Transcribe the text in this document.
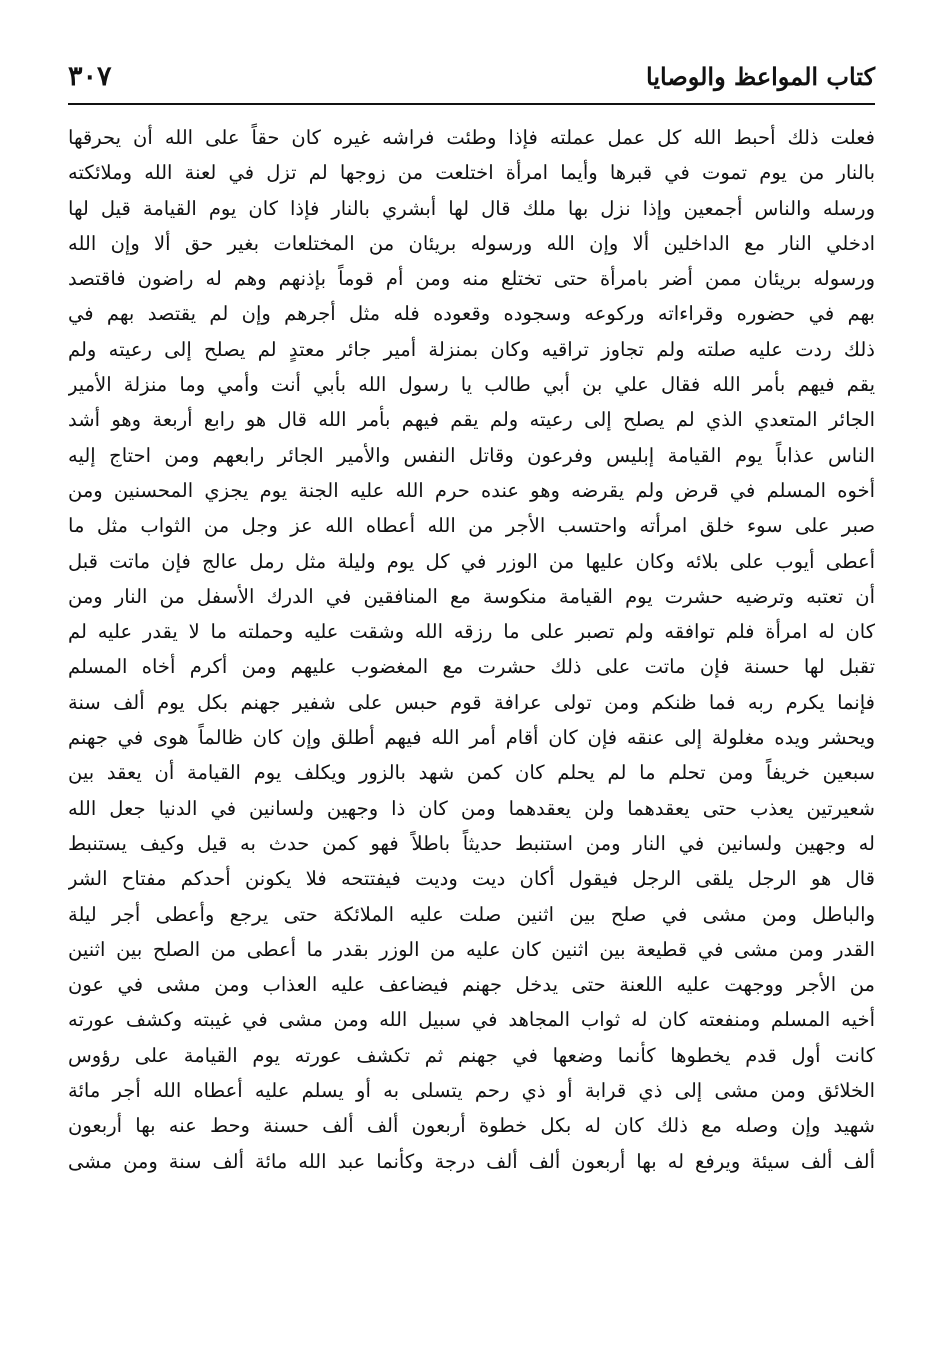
كتاب المواعظ والوصايا
٣٠٧
فعلت ذلك أحبط الله كل عمل عملته فإذا وطئت فراشه غيره كان حقاً على الله أن يحرقها
بالنار من يوم تموت في قبرها وأيما امرأة اختلعت من زوجها لم تزل في لعنة الله وملائكته
ورسله والناس أجمعين وإذا نزل بها ملك قال لها أبشري بالنار فإذا كان يوم القيامة قيل لها
ادخلي النار مع الداخلين ألا وإن الله ورسوله بريئان من المختلعات بغير حق ألا وإن الله
ورسوله بريئان ممن أضر بامرأة حتى تختلع منه ومن أم قوماً بإذنهم وهم له راضون فاقتصد
بهم في حضوره وقراءاته وركوعه وسجوده وقعوده فله مثل أجرهم وإن لم يقتصد بهم في
ذلك ردت عليه صلته ولم تجاوز تراقيه وكان بمنزلة أمير جائر معتدٍ لم يصلح إلى رعيته ولم
يقم فيهم بأمر الله فقال علي بن أبي طالب يا رسول الله بأبي أنت وأمي وما منزلة الأمير
الجائر المتعدي الذي لم يصلح إلى رعيته ولم يقم فيهم بأمر الله قال هو رابع أربعة وهو أشد
الناس عذاباً يوم القيامة إبليس وفرعون وقاتل النفس والأمير الجائر رابعهم ومن احتاج إليه
أخوه المسلم في قرض ولم يقرضه وهو عنده حرم الله عليه الجنة يوم يجزي المحسنين ومن
صبر على سوء خلق امرأته واحتسب الأجر من الله أعطاه الله عز وجل من الثواب مثل ما
أعطى أيوب على بلائه وكان عليها من الوزر في كل يوم وليلة مثل رمل عالج فإن ماتت قبل
أن تعتبه وترضيه حشرت يوم القيامة منكوسة مع المنافقين في الدرك الأسفل من النار ومن
كان له امرأة فلم توافقه ولم تصبر على ما رزقه الله وشقت عليه وحملته ما لا يقدر عليه لم
تقبل لها حسنة فإن ماتت على ذلك حشرت مع المغضوب عليهم ومن أكرم أخاه المسلم
فإنما يكرم ربه فما ظنكم ومن تولى عرافة قوم حبس على شفير جهنم بكل يوم ألف سنة
ويحشر ويده مغلولة إلى عنقه فإن كان أقام أمر الله فيهم أطلق وإن كان ظالماً هوى في جهنم
سبعين خريفاً ومن تحلم ما لم يحلم كان كمن شهد بالزور ويكلف يوم القيامة أن يعقد بين
شعيرتين يعذب حتى يعقدهما ولن يعقدهما ومن كان ذا وجهين ولسانين في الدنيا جعل الله
له وجهين ولسانين في النار ومن استنبط حديثاً باطلاً فهو كمن حدث به قيل وكيف يستنبط
قال هو الرجل يلقى الرجل فيقول أكان ديت وديت فيفتتحه فلا يكونن أحدكم مفتاح الشر
والباطل ومن مشى في صلح بين اثنين صلت عليه الملائكة حتى يرجع وأعطى أجر ليلة
القدر ومن مشى في قطيعة بين اثنين كان عليه من الوزر بقدر ما أعطى من الصلح بين اثنين
من الأجر ووجهت عليه اللعنة حتى يدخل جهنم فيضاعف عليه العذاب ومن مشى في عون
أخيه المسلم ومنفعته كان له ثواب المجاهد في سبيل الله ومن مشى في غيبته وكشف عورته
كانت أول قدم يخطوها كأنما وضعها في جهنم ثم تكشف عورته يوم القيامة على رؤوس
الخلائق ومن مشى إلى ذي قرابة أو ذي رحم يتسلى به أو يسلم عليه أعطاه الله أجر مائة
شهيد وإن وصله مع ذلك كان له بكل خطوة أربعون ألف ألف حسنة وحط عنه بها أربعون
ألف ألف سيئة ويرفع له بها أربعون ألف ألف درجة وكأنما عبد الله مائة ألف سنة ومن مشى
